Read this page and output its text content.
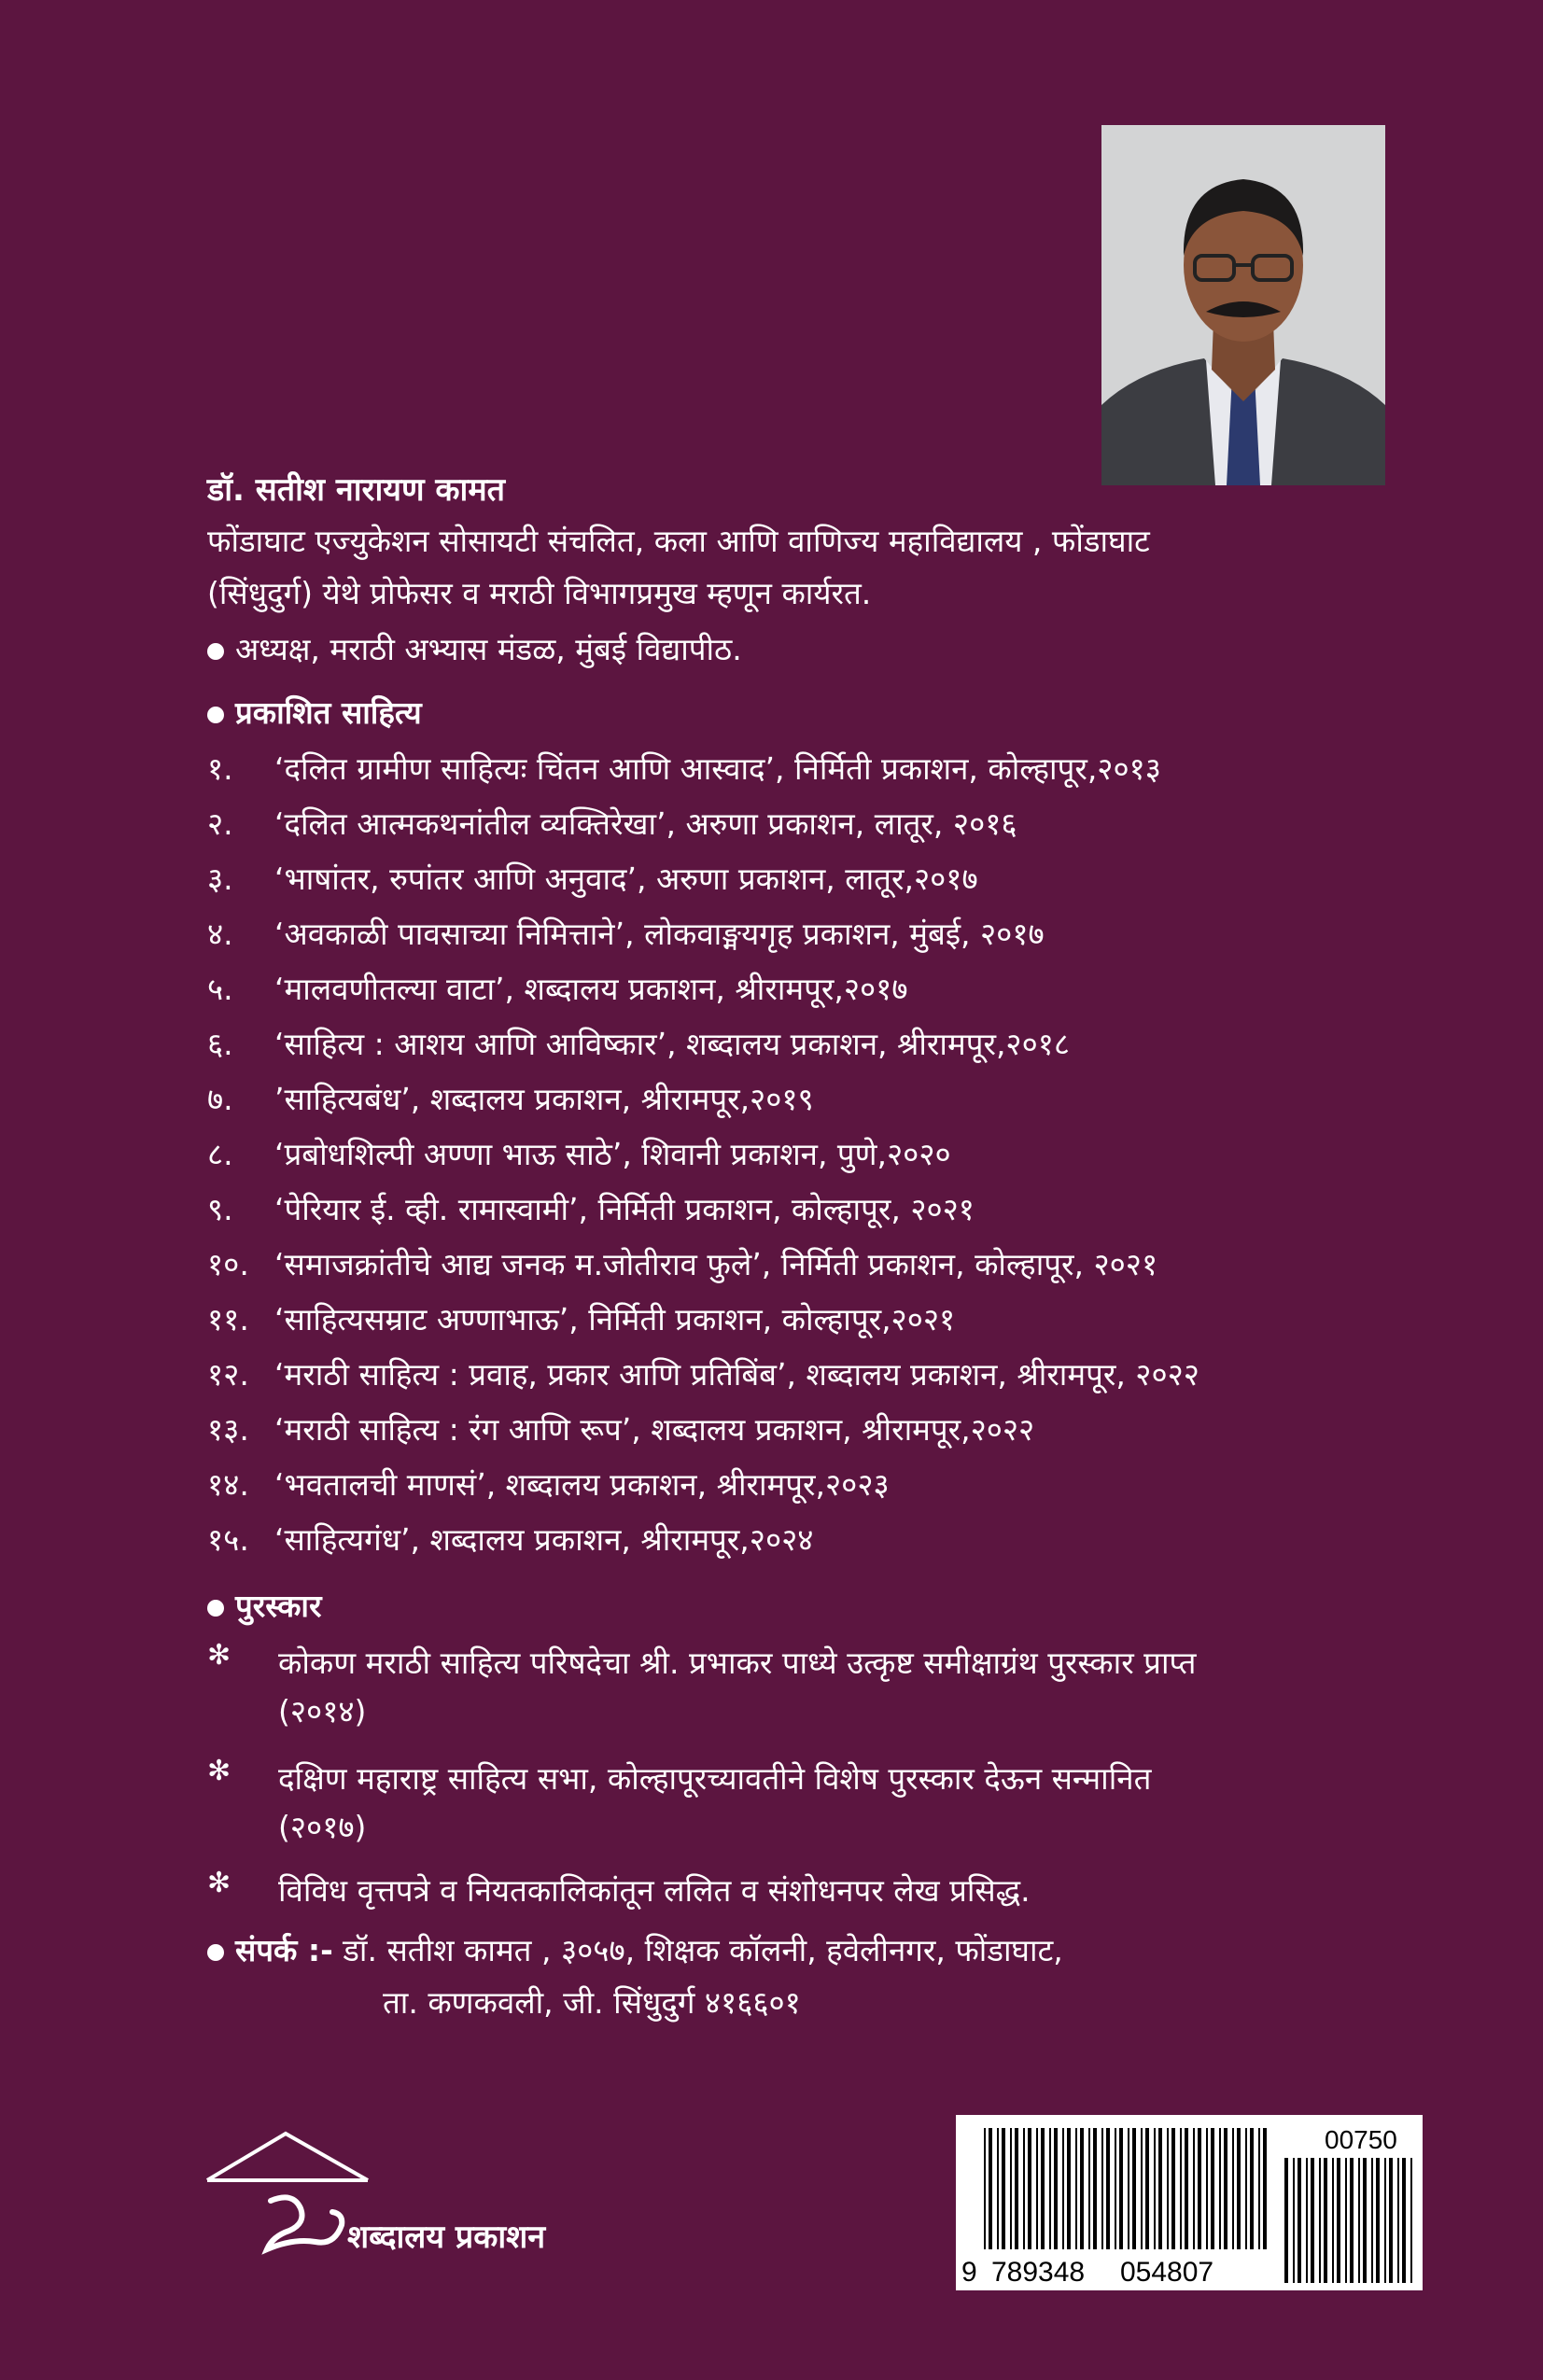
डॉ. सतीश नारायण कामत
फोंडाघाट एज्युकेशन सोसायटी संचलित, कला आणि वाणिज्य महाविद्यालय , फोंडाघाट
(सिंधुदुर्ग) येथे प्रोफेसर व मराठी विभागप्रमुख म्हणून कार्यरत.
अध्यक्ष, मराठी अभ्यास मंडळ, मुंबई विद्यापीठ.
प्रकाशित साहित्य
१. ‘दलित ग्रामीण साहित्यः चिंतन आणि आस्वाद’, निर्मिती प्रकाशन, कोल्हापूर,२०१३
२. ‘दलित आत्मकथनांतील व्यक्तिरेखा’, अरुणा प्रकाशन, लातूर, २०१६
३. ‘भाषांतर, रुपांतर आणि अनुवाद’, अरुणा प्रकाशन, लातूर,२०१७
४. ‘अवकाळी पावसाच्या निमित्ताने’, लोकवाङ्मयगृह प्रकाशन, मुंबई, २०१७
५. ‘मालवणीतल्या वाटा’, शब्दालय प्रकाशन, श्रीरामपूर,२०१७
६. ‘साहित्य : आशय आणि आविष्कार’, शब्दालय प्रकाशन, श्रीरामपूर,२०१८
७. ’साहित्यबंध’, शब्दालय प्रकाशन, श्रीरामपूर,२०१९
८. ‘प्रबोधशिल्पी अण्णा भाऊ साठे’, शिवानी प्रकाशन, पुणे,२०२०
९. ‘पेरियार ई. व्ही. रामास्वामी’, निर्मिती प्रकाशन, कोल्हापूर, २०२१
१०. ‘समाजक्रांतीचे आद्य जनक म.जोतीराव फुले’, निर्मिती प्रकाशन, कोल्हापूर, २०२१
११. ‘साहित्यसम्राट अण्णाभाऊ’, निर्मिती प्रकाशन, कोल्हापूर,२०२१
१२. ‘मराठी साहित्य : प्रवाह, प्रकार आणि प्रतिबिंब’, शब्दालय प्रकाशन, श्रीरामपूर, २०२२
१३. ‘मराठी साहित्य : रंग आणि रूप’, शब्दालय प्रकाशन, श्रीरामपूर,२०२२
१४. ‘भवतालची माणसं’, शब्दालय प्रकाशन, श्रीरामपूर,२०२३
१५. ‘साहित्यगंध’, शब्दालय प्रकाशन, श्रीरामपूर,२०२४
पुरस्कार
✻ कोकण मराठी साहित्य परिषदेचा श्री. प्रभाकर पाध्ये उत्कृष्ट समीक्षाग्रंथ पुरस्कार प्राप्त
(२०१४)
✻ दक्षिण महाराष्ट्र साहित्य सभा, कोल्हापूरच्यावतीने विशेष पुरस्कार देऊन सन्मानित
(२०१७)
✻ विविध वृत्तपत्रे व नियतकालिकांतून ललित व संशोधनपर लेख प्रसिद्ध.
संपर्क :- डॉ. सतीश कामत , ३०५७, शिक्षक कॉलनी, हवेलीनगर, फोंडाघाट,
ता. कणकवली, जी. सिंधुदुर्ग ४१६६०१
शब्दालय प्रकाशन
00750
9 789348 054807
